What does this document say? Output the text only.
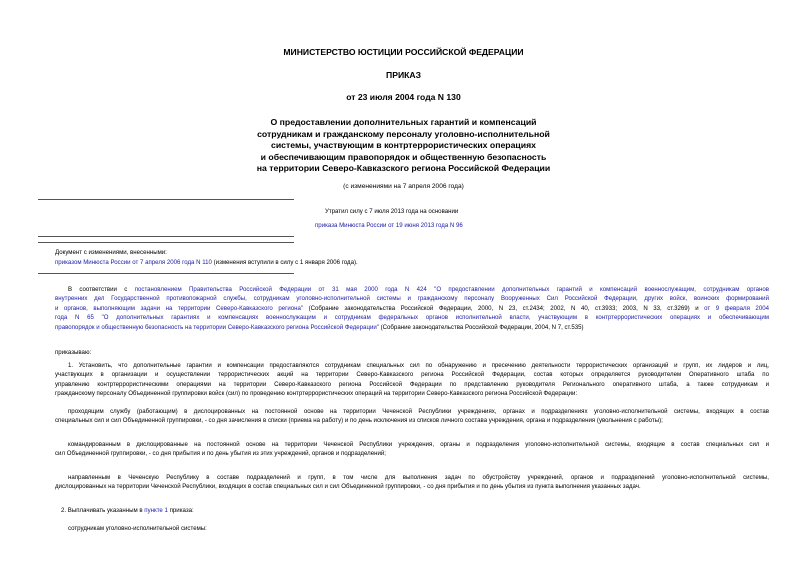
МИНИСТЕРСТВО ЮСТИЦИИ РОССИЙСКОЙ ФЕДЕРАЦИИ
ПРИКАЗ
от 23 июля 2004 года N 130
О предоставлении дополнительных гарантий и компенсаций
сотрудникам и гражданскому персоналу уголовно-исполнительной
системы, участвующим в контртеррористических операциях
и обеспечивающим правопорядок и общественную безопасность
на территории Северо-Кавказского региона Российской Федерации
(с изменениями на 7 апреля 2006 года)
Утратил силу с 7 июля 2013 года на основании
приказа Минюста России от 19 июня 2013 года N 96
Документ с изменениями, внесенными:
приказом Минюста России от 7 апреля 2006 года N 110 (изменения вступили в силу с 1 января 2006 года).
В соответствии с постановлением Правительства Российской Федерации от 31 мая 2000 года N 424 "О предоставлении дополнительных гарантий и компенсаций военнослужащим, сотрудникам органов
внутренних дел Государственной противопожарной службы, сотрудникам уголовно-исполнительной системы и гражданскому персоналу Вооруженных Сил Российской Федерации, других войск, воинских формирований
и органов, выполняющим задачи на территории Северо-Кавказского региона" (Собрание законодательства Российской Федерации, 2000, N 23, ст.2434; 2002, N 40, ст.3933; 2003, N 33, ст.3269) и от 9 февраля 2004
года N 65 "О дополнительных гарантиях и компенсациях военнослужащим и сотрудникам федеральных органов исполнительной власти, участвующим в контртеррористических операциях и обеспечивающим
правопорядок и общественную безопасность на территории Северо-Кавказского региона Российской Федерации" (Собрание законодательства Российской Федерации, 2004, N 7, ст.535)
приказываю:
1. Установить, что дополнительные гарантии и компенсации предоставляются сотрудникам специальных сил по обнаружению и пресечению деятельности террористических организаций и групп, их лидеров и лиц,
участвующих в организации и осуществлении террористических акций на территории Северо-Кавказского региона Российской Федерации, состав которых определяется руководителем Оперативного штаба по
управлению контртеррористическими операциями на территории Северо-Кавказского региона Российской Федерации по представлению руководителя Регионального оперативного штаба, а также сотрудникам и
гражданскому персоналу Объединенной группировки войск (сил) по проведению контртеррористических операций на территории Северо-Кавказского региона Российской Федерации:
проходящим службу (работающим) в дислоцированных на постоянной основе на территории Чеченской Республики учреждениях, органах и подразделениях уголовно-исполнительной системы, входящих в состав
специальных сил и сил Объединенной группировки, - со дня зачисления в списки (приема на работу) и по день исключения из списков личного состава учреждения, органа и подразделения (увольнения с работы);
командированным в дислоцированные на постоянной основе на территории Чеченской Республики учреждения, органы и подразделения уголовно-исполнительной системы, входящие в состав специальных сил и
сил Объединенной группировки, - со дня прибытия и по день убытия из этих учреждений, органов и подразделений;
направленным в Чеченскую Республику в составе подразделений и групп, в том числе для выполнения задач по обустройству учреждений, органов и подразделений уголовно-исполнительной системы,
дислоцированных на территории Чеченской Республики, входящих в состав специальных сил и сил Объединенной группировки, - со дня прибытия и по день убытия из пункта выполнения указанных задач.
2. Выплачивать указанным в пункте 1 приказа:
сотрудникам уголовно-исполнительной системы:
